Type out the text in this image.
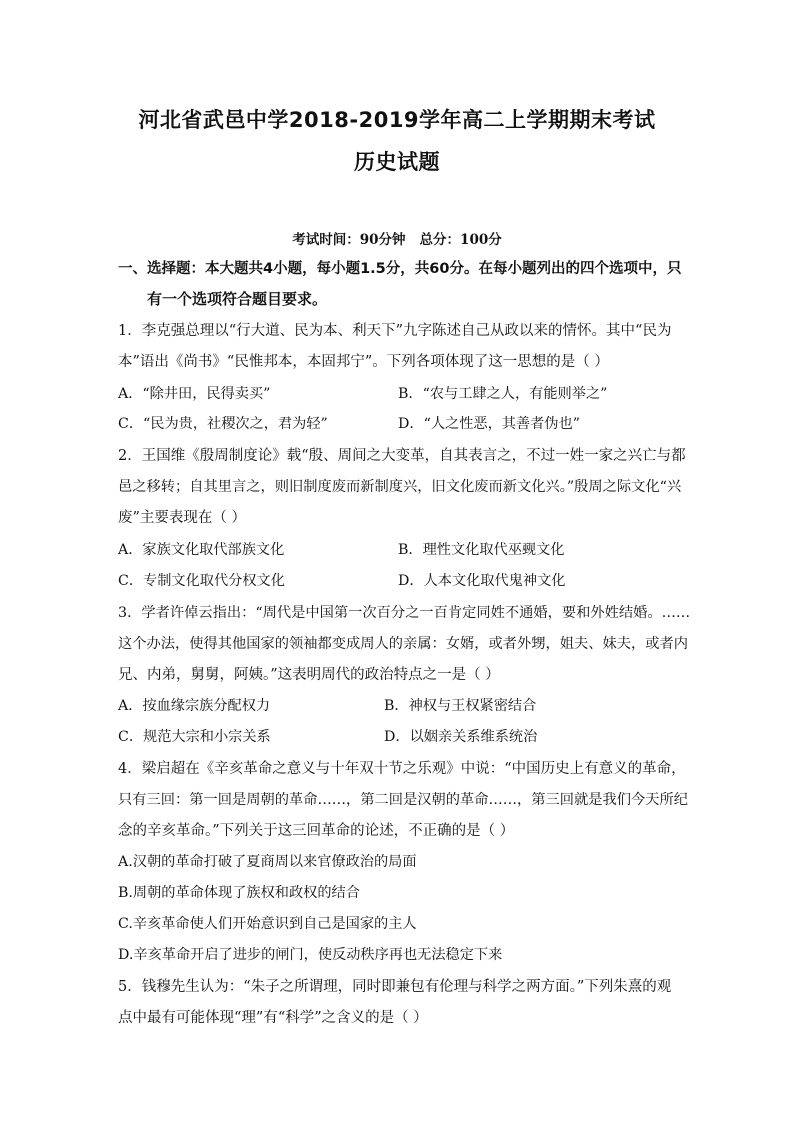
河北省武邑中学2018-2019学年高二上学期期末考试
历史试题
考试时间：90分钟 总分：100分
一、选择题：本大题共4小题，每小题1.5分，共60分。在每小题列出的四个选项中，只
有一个选项符合题目要求。
1．李克强总理以“行大道、民为本、利天下”九字陈述自己从政以来的情怀。其中“民为
本”语出《尚书》“民惟邦本，本固邦宁”。下列各项体现了这一思想的是（ ）
A．“除井田，民得卖买”	B．“农与工肆之人，有能则举之”
C．“民为贵，社稷次之，君为轻”	D．“人之性恶，其善者伪也”
2．王国维《殷周制度论》载“殷、周间之大变革，自其表言之，不过一姓一家之兴亡与都
邑之移转；自其里言之，则旧制度废而新制度兴，旧文化废而新文化兴。”殷周之际文化“兴
废”主要表现在（ ）
A．家族文化取代部族文化	B．理性文化取代巫觋文化
C．专制文化取代分权文化	D．人本文化取代鬼神文化
3．学者许倬云指出：“周代是中国第一次百分之一百肯定同姓不通婚，要和外姓结婚。……
这个办法，使得其他国家的领袖都变成周人的亲属：女婿，或者外甥，姐夫、妹夫，或者内
兄、内弟，舅舅，阿姨。”这表明周代的政治特点之一是（ ）
A．按血缘宗族分配权力	B．神权与王权紧密结合
C．规范大宗和小宗关系	D．以姻亲关系维系统治
4．梁启超在《辛亥革命之意义与十年双十节之乐观》中说：“中国历史上有意义的革命，
只有三回：第一回是周朝的革命……，第二回是汉朝的革命……，第三回就是我们今天所纪
念的辛亥革命。”下列关于这三回革命的论述，不正确的是（ ）
A.汉朝的革命打破了夏商周以来官僚政治的局面
B.周朝的革命体现了族权和政权的结合
C.辛亥革命使人们开始意识到自己是国家的主人
D.辛亥革命开启了进步的闸门，使反动秩序再也无法稳定下来
5．钱穆先生认为：“朱子之所谓理，同时即兼包有伦理与科学之两方面。”下列朱熹的观
点中最有可能体现“理”有“科学”之含义的是（ ）
